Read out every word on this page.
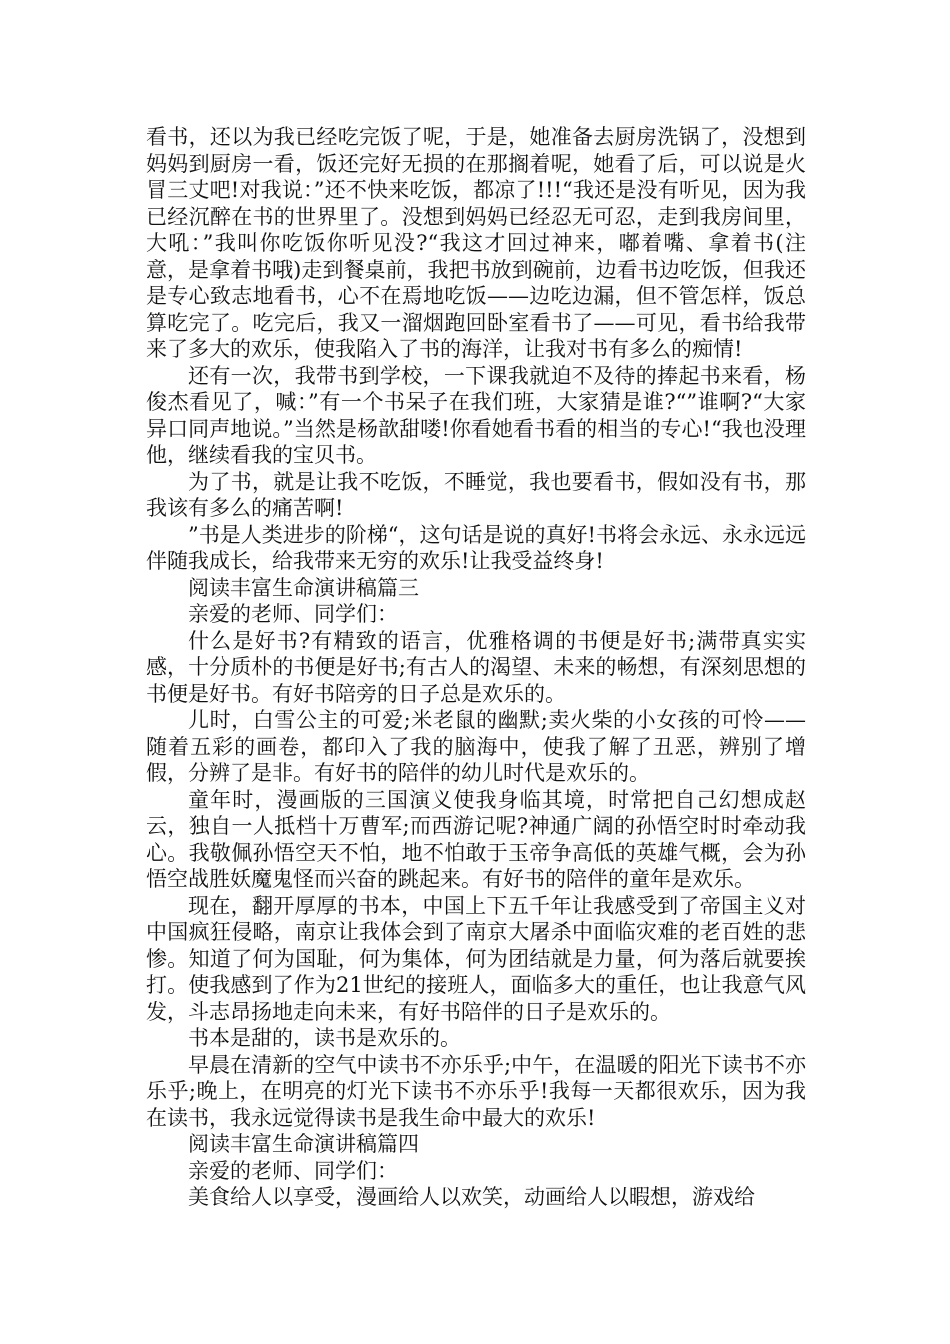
看书，还以为我已经吃完饭了呢，于是，她准备去厨房洗锅了，没想到妈妈到厨房一看，饭还完好无损的在那搁着呢，她看了后，可以说是火冒三丈吧!对我说：”还不快来吃饭，都凉了!!!“我还是没有听见，因为我已经沉醉在书的世界里了。没想到妈妈已经忍无可忍，走到我房间里，大吼：”我叫你吃饭你听见没?“我这才回过神来，嘟着嘴、拿着书(注意，是拿着书哦)走到餐桌前，我把书放到碗前，边看书边吃饭，但我还是专心致志地看书，心不在焉地吃饭——边吃边漏，但不管怎样，饭总算吃完了。吃完后，我又一溜烟跑回卧室看书了——可见，看书给我带来了多大的欢乐，使我陷入了书的海洋，让我对书有多么的痴情!

还有一次，我带书到学校，一下课我就迫不及待的捧起书来看，杨俊杰看见了，喊：”有一个书呆子在我们班，大家猜是谁?“”谁啊?“大家异口同声地说。”当然是杨歆甜喽!你看她看书看的相当的专心!“我也没理他，继续看我的宝贝书。

为了书，就是让我不吃饭，不睡觉，我也要看书，假如没有书，那我该有多么的痛苦啊!

”书是人类进步的阶梯“，这句话是说的真好!书将会永远、永永远远伴随我成长，给我带来无穷的欢乐!让我受益终身!

阅读丰富生命演讲稿篇三

亲爱的老师、同学们：

什么是好书?有精致的语言，优雅格调的书便是好书;满带真实实感，十分质朴的书便是好书;有古人的渴望、未来的畅想，有深刻思想的书便是好书。有好书陪旁的日子总是欢乐的。

儿时，白雪公主的可爱;米老鼠的幽默;卖火柴的小女孩的可怜——随着五彩的画卷，都印入了我的脑海中，使我了解了丑恶，辨别了增假，分辨了是非。有好书的陪伴的幼儿时代是欢乐的。

童年时，漫画版的三国演义使我身临其境，时常把自己幻想成赵云，独自一人抵档十万曹军;而西游记呢?神通广阔的孙悟空时时牵动我心。我敬佩孙悟空天不怕，地不怕敢于玉帝争高低的英雄气概，会为孙悟空战胜妖魔鬼怪而兴奋的跳起来。有好书的陪伴的童年是欢乐。

现在，翻开厚厚的书本，中国上下五千年让我感受到了帝国主义对中国疯狂侵略，南京让我体会到了南京大屠杀中面临灾难的老百姓的悲惨。知道了何为国耻，何为集体，何为团结就是力量，何为落后就要挨打。使我感到了作为21世纪的接班人，面临多大的重任，也让我意气风发，斗志昂扬地走向未来，有好书陪伴的日子是欢乐的。

书本是甜的，读书是欢乐的。

早晨在清新的空气中读书不亦乐乎;中午，在温暖的阳光下读书不亦乐乎;晚上，在明亮的灯光下读书不亦乐乎!我每一天都很欢乐，因为我在读书，我永远觉得读书是我生命中最大的欢乐!

阅读丰富生命演讲稿篇四

亲爱的老师、同学们：

美食给人以享受，漫画给人以欢笑，动画给人以暇想，游戏给
